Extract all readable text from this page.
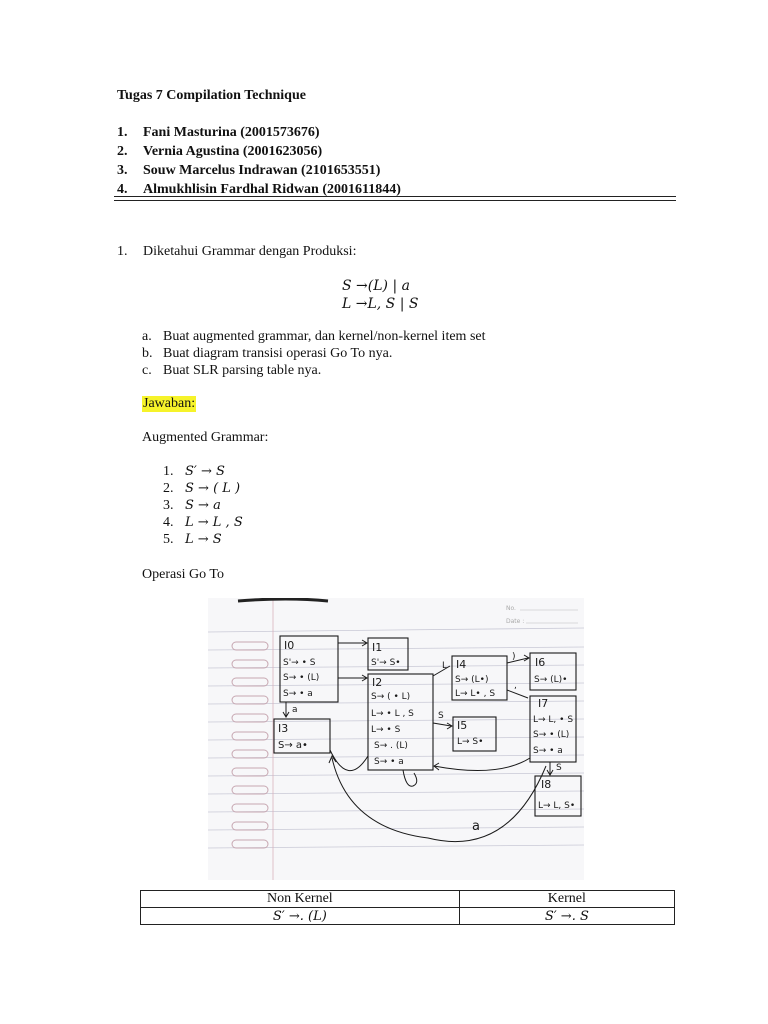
Tugas 7 Compilation Technique
1. Fani Masturina (2001573676)
2. Vernia Agustina (2001623056)
3. Souw Marcelus Indrawan (2101653551)
4. Almukhlisin Fardhal Ridwan (2001611844)
1. Diketahui Grammar dengan Produksi:
S →(L) | a
L →L, S | S
a. Buat augmented grammar, dan kernel/non-kernel item set
b. Buat diagram transisi operasi Go To nya.
c. Buat SLR parsing table nya.
Jawaban:
Augmented Grammar:
1. S′ → S
2. S → ( L )
3. S → a
4. L → L , S
5. L → S
Operasi Go To
No.
Date :
I0
S'→ • S
S→ • (L)
S→ • a
I1
S'→ S•
I2
S→ ( • L)
L→ • L , S
L→ • S
S→ . (L)
S→ • a
I3
S→ a•
I4
S→ (L•)
L→ L• , S
I5
L→ S•
I6
S→ (L)•
I7
L→ L, • S
S→ • (L)
S→ • a
I8
L→ L, S•
a
L
)
,
S
S
a
Non Kernel	Kernel
S′ →. (L)	S′ →. S
